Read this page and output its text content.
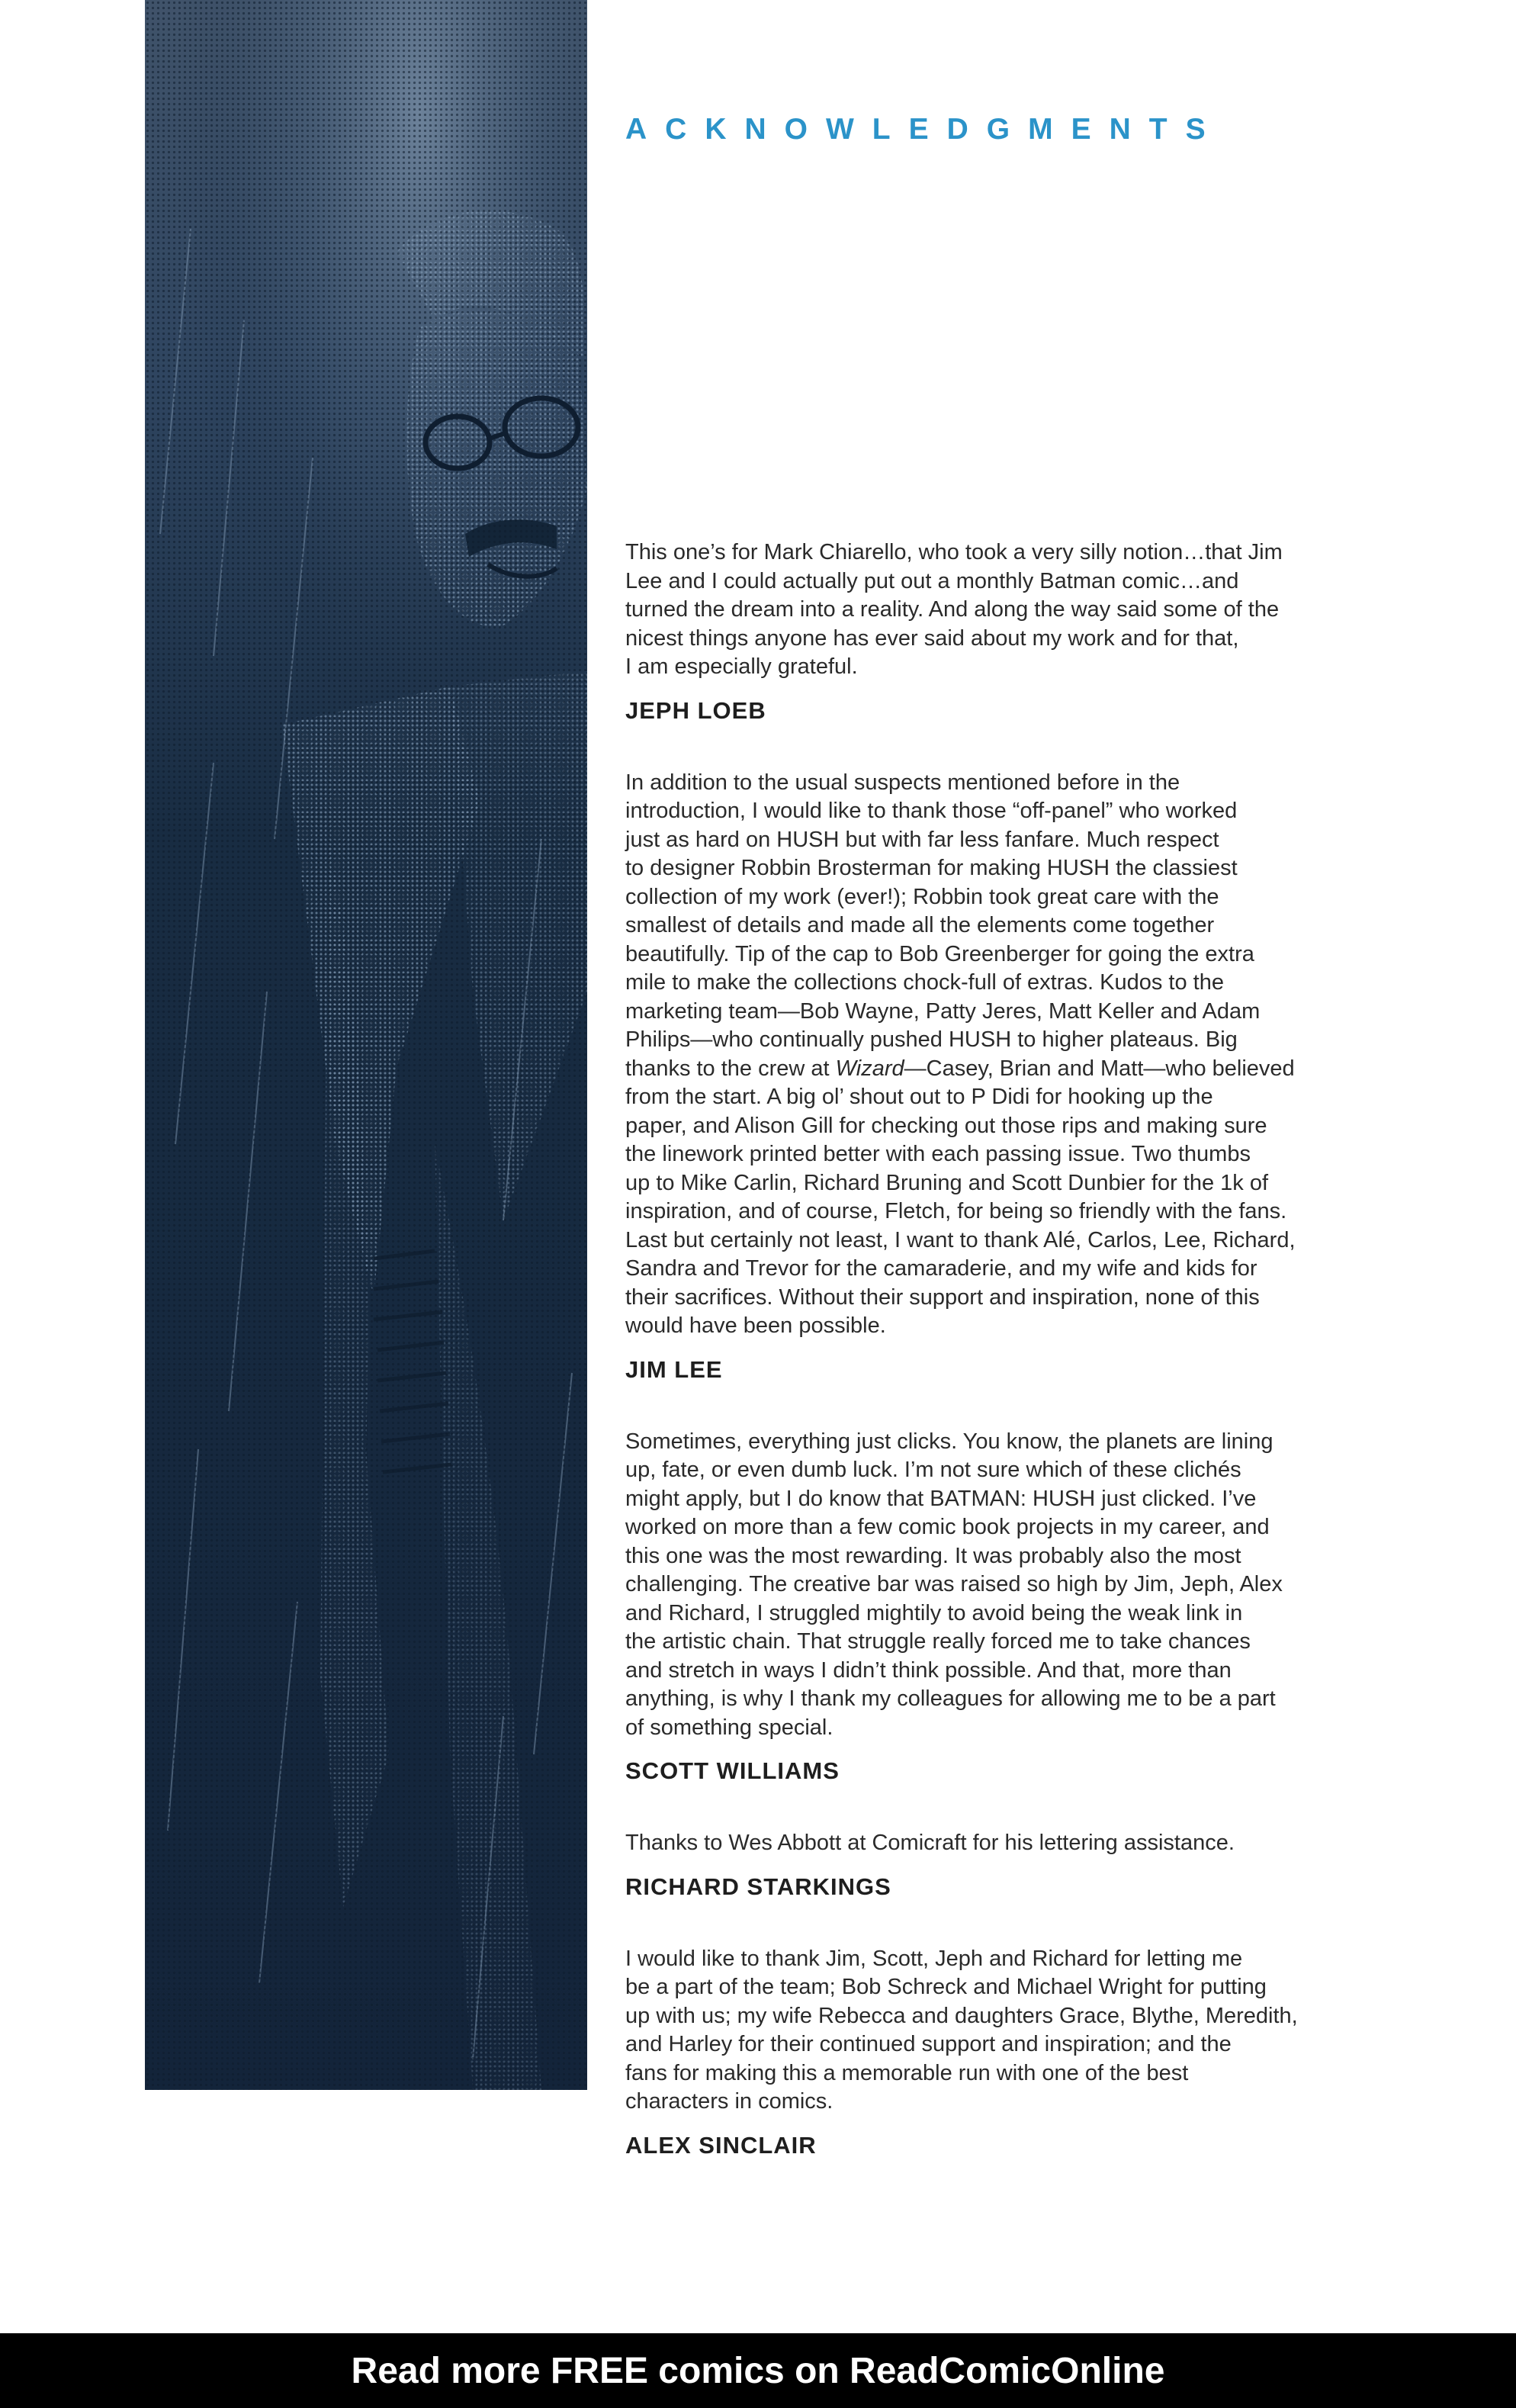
ACKNOWLEDGMENTS

This one’s for Mark Chiarello, who took a very silly notion…that Jim
Lee and I could actually put out a monthly Batman comic…and
turned the dream into a reality. And along the way said some of the
nicest things anyone has ever said about my work and for that,
I am especially grateful.

JEPH LOEB

In addition to the usual suspects mentioned before in the
introduction, I would like to thank those “off-panel” who worked
just as hard on HUSH but with far less fanfare. Much respect
to designer Robbin Brosterman for making HUSH the classiest
collection of my work (ever!); Robbin took great care with the
smallest of details and made all the elements come together
beautifully. Tip of the cap to Bob Greenberger for going the extra
mile to make the collections chock-full of extras. Kudos to the
marketing team—Bob Wayne, Patty Jeres, Matt Keller and Adam
Philips—who continually pushed HUSH to higher plateaus. Big
thanks to the crew at Wizard—Casey, Brian and Matt—who believed
from the start. A big ol’ shout out to P Didi for hooking up the
paper, and Alison Gill for checking out those rips and making sure
the linework printed better with each passing issue. Two thumbs
up to Mike Carlin, Richard Bruning and Scott Dunbier for the 1k of
inspiration, and of course, Fletch, for being so friendly with the fans.
Last but certainly not least, I want to thank Alé, Carlos, Lee, Richard,
Sandra and Trevor for the camaraderie, and my wife and kids for
their sacrifices. Without their support and inspiration, none of this
would have been possible.

JIM LEE

Sometimes, everything just clicks. You know, the planets are lining
up, fate, or even dumb luck. I’m not sure which of these clichés
might apply, but I do know that BATMAN: HUSH just clicked. I’ve
worked on more than a few comic book projects in my career, and
this one was the most rewarding. It was probably also the most
challenging. The creative bar was raised so high by Jim, Jeph, Alex
and Richard, I struggled mightily to avoid being the weak link in
the artistic chain. That struggle really forced me to take chances
and stretch in ways I didn’t think possible. And that, more than
anything, is why I thank my colleagues for allowing me to be a part
of something special.

SCOTT WILLIAMS

Thanks to Wes Abbott at Comicraft for his lettering assistance.

RICHARD STARKINGS

I would like to thank Jim, Scott, Jeph and Richard for letting me
be a part of the team; Bob Schreck and Michael Wright for putting
up with us; my wife Rebecca and daughters Grace, Blythe, Meredith,
and Harley for their continued support and inspiration; and the
fans for making this a memorable run with one of the best
characters in comics.

ALEX SINCLAIR
Read more FREE comics on ReadComicOnline
